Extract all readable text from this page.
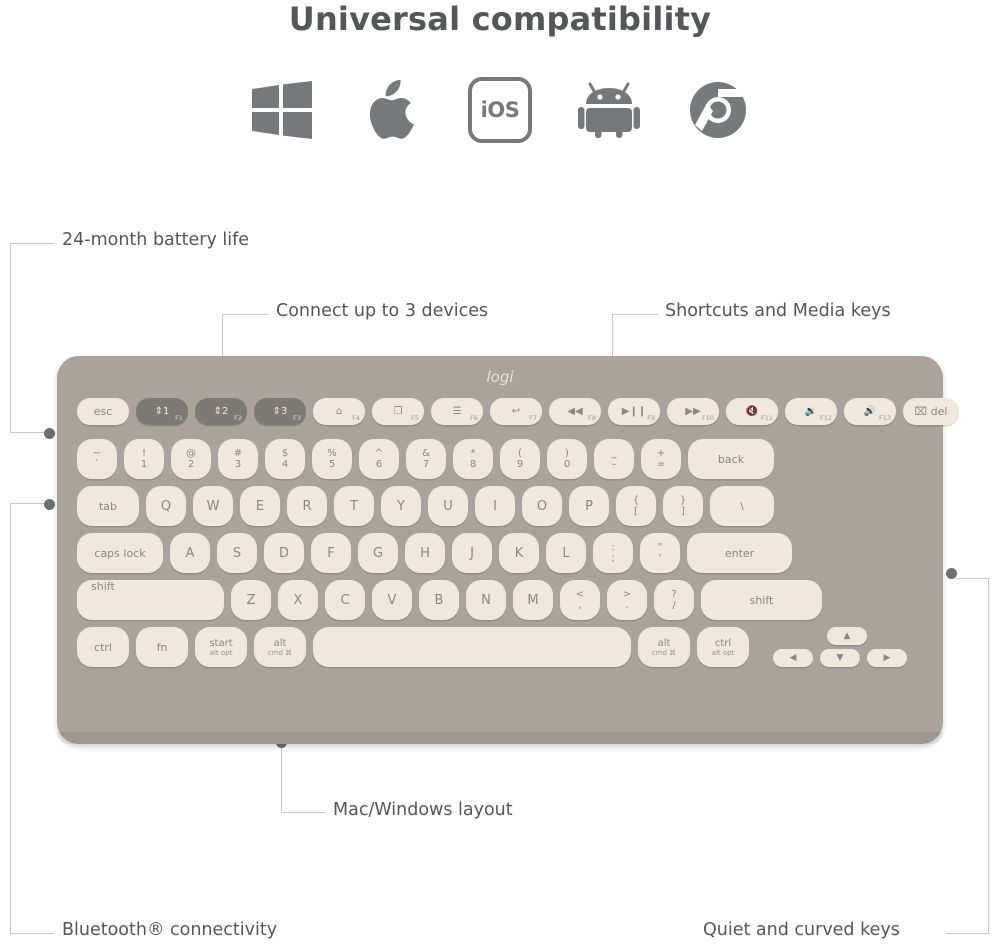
Universal compatibility
iOS
24-month battery life
Connect up to 3 devices	Shortcuts and Media keys
Mac/Windows layout
Bluetooth® connectivity	Quiet and curved keys
logi
esc	⇕1
F1
⇕2
F2
⇕3
F3
⌂
F4
❐
F5
☰
F6
↩
F7
◀◀
F8
▶❙❙
F9
▶▶
F10
🔇
F11
🔉
F12
🔊
F13	⌧ del
~
`
!
1
@
2
#
3
$
4
%
5
^
6
&
7
*
8
(
9
)
0
_
–
+
=	back
tab	Q	W	E	R	T	Y	U	I	O	P	{
[
}
]	\
caps lock	A	S	D	F	G	H	J	K	L	:
;
"
'	enter
shift
Z	X	C	V	B	N	M	<
,
>
.
?
/	shift
ctrl	fn	start
alt opt
alt
cmd ⌘
alt
cmd ⌘
ctrl
alt opt
▲
◀	▼	▶
